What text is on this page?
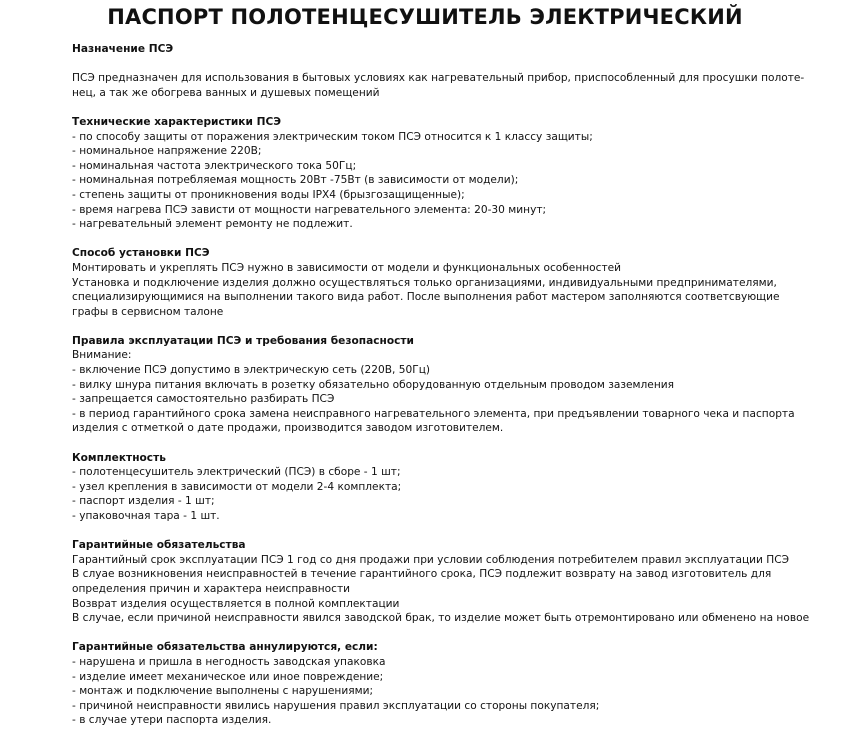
ПАСПОРТ ПОЛОТЕНЦЕСУШИТЕЛЬ ЭЛЕКТРИЧЕСКИЙ
Назначение ПСЭ
ПСЭ предназначен для использования в бытовых условиях как нагревательный прибор, приспособленный для просушки полоте-
нец, а так же обогрева ванных и душевых помещений
Технические характеристики ПСЭ
- по способу защиты от поражения электрическим током ПСЭ относится к 1 классу защиты;
- номинальное напряжение 220В;
- номинальная частота электрического тока 50Гц;
- номинальная потребляемая мощность 20Вт -75Вт (в зависимости от модели);
- степень защиты от проникновения воды IPX4 (брызгозащищенные);
- время нагрева ПСЭ зависти от мощности нагревательного элемента: 20-30 минут;
- нагревательный элемент ремонту не подлежит.
Способ установки ПСЭ
Монтировать и укреплять ПСЭ нужно в зависимости от модели и функциональных особенностей
Установка и подключение изделия должно осуществляться только организациями, индивидуальными предпринимателями,
специализирующимися на выполнении такого вида работ. После выполнения работ мастером заполняются соответсвующие
графы в сервисном талоне
Правила эксплуатации ПСЭ и требования безопасности
Внимание:
- включение ПСЭ допустимо в электрическую сеть (220В, 50Гц)
- вилку шнура питания включать в розетку обязательно оборудованную отдельным проводом заземления
- запрещается самостоятельно разбирать ПСЭ
- в период гарантийного срока замена неисправного нагревательного элемента, при предъявлении товарного чека и паспорта
изделия с отметкой о дате продажи, производится заводом изготовителем.
Комплектность
- полотенцесушитель электрический (ПСЭ) в сборе - 1 шт;
- узел крепления в зависимости от модели 2-4 комплекта;
- паспорт изделия - 1 шт;
- упаковочная тара - 1 шт.
Гарантийные обязательства
Гарантийный срок эксплуатации ПСЭ 1 год со дня продажи при условии соблюдения потребителем правил эксплуатации ПСЭ
В слуае возникновения неисправностей в течение гарантийного срока, ПСЭ подлежит возврату на завод изготовитель для
определения причин и характера неисправности
Возврат изделия осуществляется в полной комплектации
В случае, если причиной неисправности явился заводской брак, то изделие может быть отремонтировано или обменено на новое
Гарантийные обязательства аннулируются, если:
- нарушена и пришла в негодность заводская упаковка
- изделие имеет механическое или иное повреждение;
- монтаж и подключение выполнены с нарушениями;
- причиной неисправности явились нарушения правил эксплуатации со стороны покупателя;
- в случае утери паспорта изделия.
